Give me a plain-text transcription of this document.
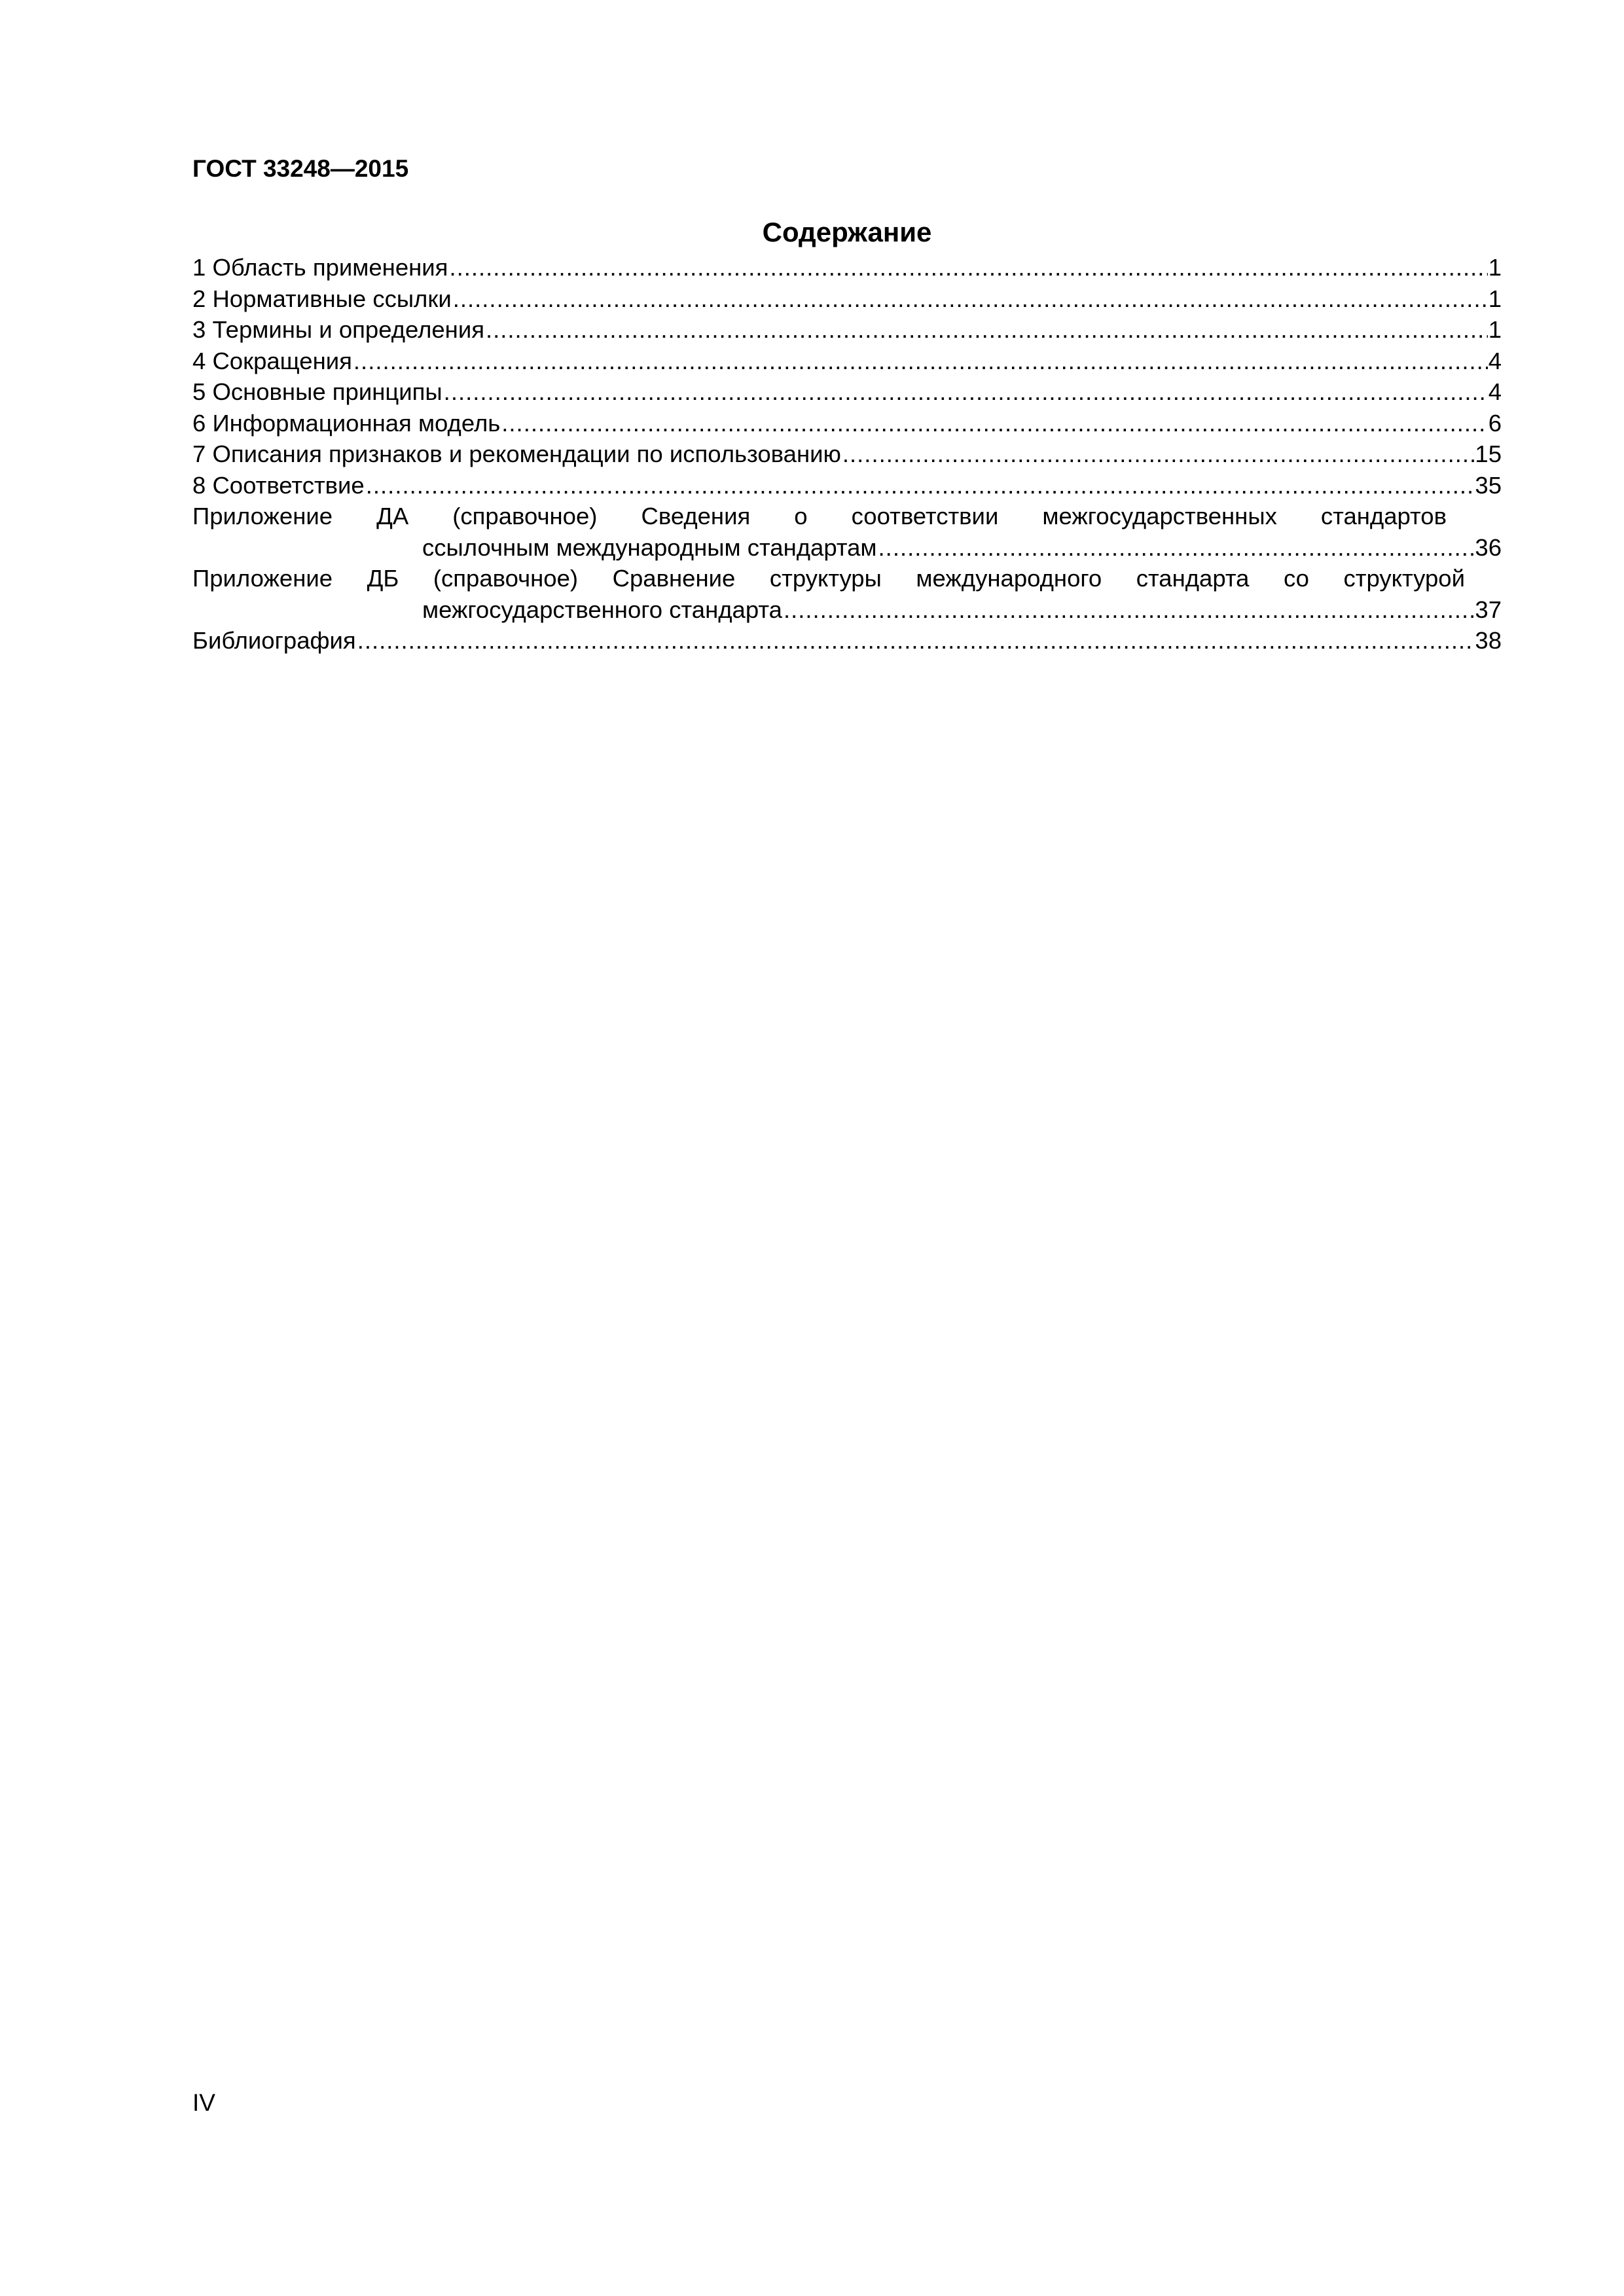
ГОСТ 33248—2015
Содержание
1 Область применения .....	1
2 Нормативные ссылки .....	1
3 Термины и определения .....	1
4 Сокращения .....	4
5 Основные принципы .....	4
6 Информационная модель .....	6
7 Описания признаков и рекомендации по использованию .....	15
8 Соответствие .....	35
Приложение ДА (справочное) Сведения о соответствии межгосударственных стандартов
ссылочным международным стандартам .....	36
Приложение ДБ (справочное) Сравнение структуры международного стандарта со структурой
межгосударственного стандарта .....	37
Библиография .....	38
IV
